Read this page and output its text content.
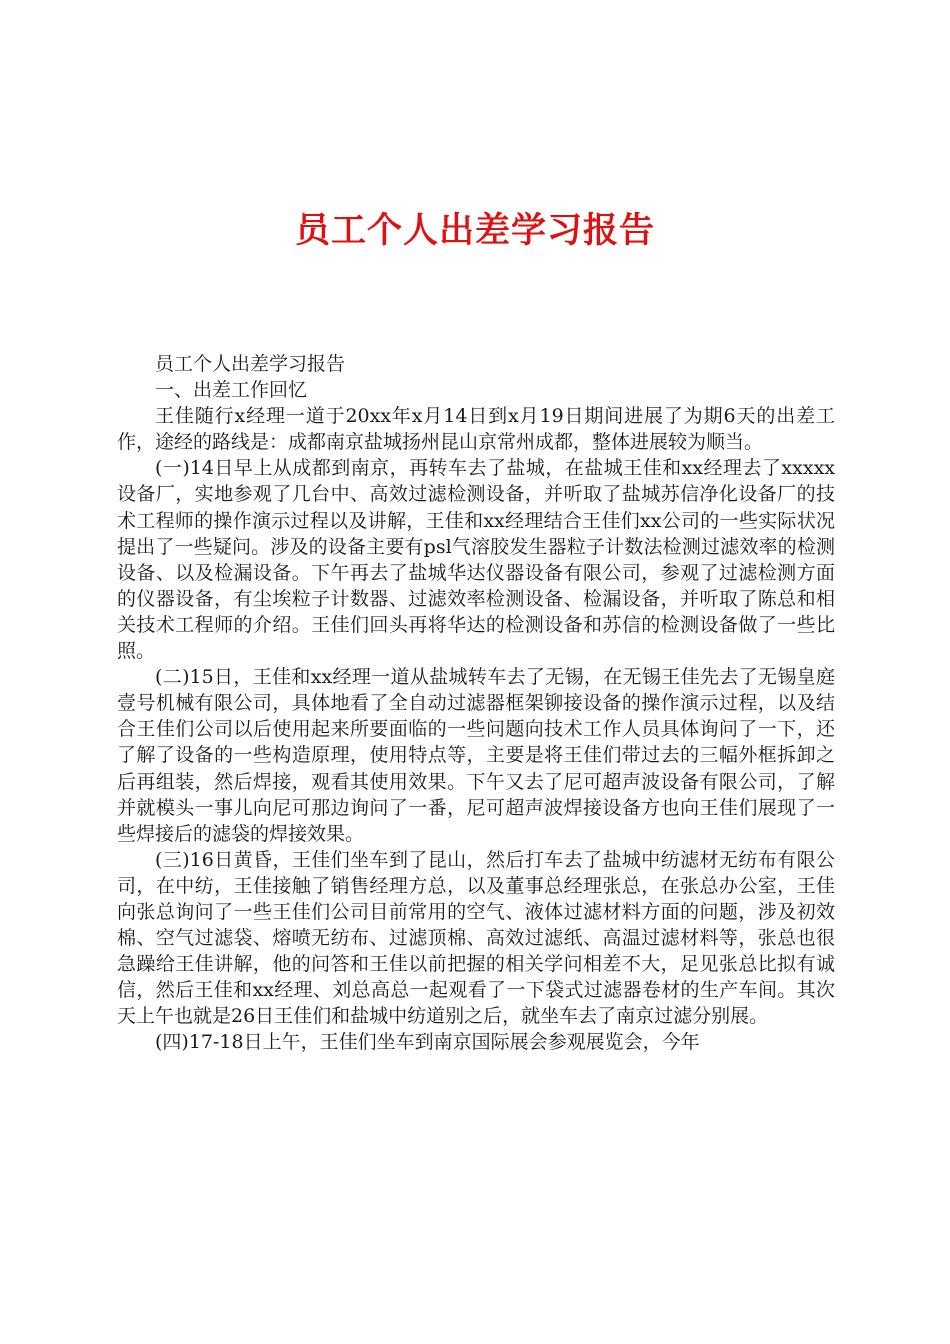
员工个人出差学习报告

员工个人出差学习报告

一、出差工作回忆

王佳随行x经理一道于20xx年x月14日到x月19日期间进展了为期6天的出差工作，途经的路线是：成都南京盐城扬州昆山京常州成都，整体进展较为顺当。

(一)14日早上从成都到南京，再转车去了盐城，在盐城王佳和xx经理去了xxxxx设备厂，实地参观了几台中、高效过滤检测设备，并听取了盐城苏信净化设备厂的技术工程师的操作演示过程以及讲解，王佳和xx经理结合王佳们xx公司的一些实际状况提出了一些疑问。涉及的设备主要有psl气溶胶发生器粒子计数法检测过滤效率的检测设备、以及检漏设备。下午再去了盐城华达仪器设备有限公司，参观了过滤检测方面的仪器设备，有尘埃粒子计数器、过滤效率检测设备、检漏设备，并听取了陈总和相关技术工程师的介绍。王佳们回头再将华达的检测设备和苏信的检测设备做了一些比照。

(二)15日，王佳和xx经理一道从盐城转车去了无锡，在无锡王佳先去了无锡皇庭壹号机械有限公司，具体地看了全自动过滤器框架铆接设备的操作演示过程，以及结合王佳们公司以后使用起来所要面临的一些问题向技术工作人员具体询问了一下，还了解了设备的一些构造原理，使用特点等，主要是将王佳们带过去的三幅外框拆卸之后再组装，然后焊接，观看其使用效果。下午又去了尼可超声波设备有限公司，了解并就模头一事儿向尼可那边询问了一番，尼可超声波焊接设备方也向王佳们展现了一些焊接后的滤袋的焊接效果。

(三)16日黄昏，王佳们坐车到了昆山，然后打车去了盐城中纺滤材无纺布有限公司，在中纺，王佳接触了销售经理方总，以及董事总经理张总，在张总办公室，王佳向张总询问了一些王佳们公司目前常用的空气、液体过滤材料方面的问题，涉及初效棉、空气过滤袋、熔喷无纺布、过滤顶棉、高效过滤纸、高温过滤材料等，张总也很急躁给王佳讲解，他的问答和王佳以前把握的相关学问相差不大，足见张总比拟有诚信，然后王佳和xx经理、刘总高总一起观看了一下袋式过滤器卷材的生产车间。其次天上午也就是26日王佳们和盐城中纺道别之后，就坐车去了南京过滤分别展。

(四)17-18日上午，王佳们坐车到南京国际展会参观展览会，今年
